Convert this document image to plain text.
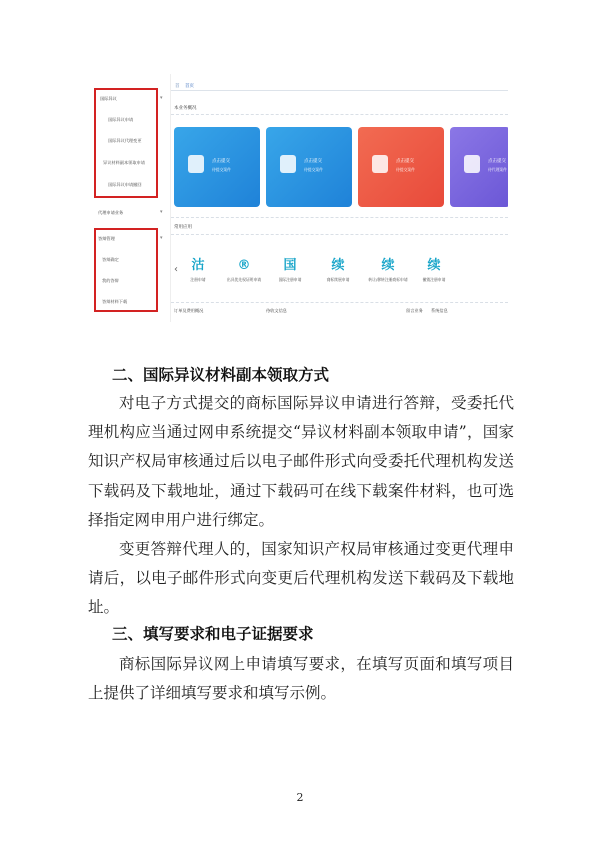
国际异议	▾
国际异议申请
国际异议代理变更
异议材料副本领取申请
国际异议申请撤回
代理申请业务	▾
答辩管理	▾
答辩确定
我的答辩
答辩材料下载
首 首页
本业务概况
点击提交
待提交案件
点击提交
待提交案件
点击提交
待提交案件
点击提交
待代理案件
常用应用
‹	沽
注册申请
®
出具优先权证明申请
国
国际注册申请
续
商标续展申请
续
转让/移转注册商标申请
续
撤销注册申请
订单及费用概况	待收文信息	留言业务 系统信息
二、国际异议材料副本领取方式

对电子方式提交的商标国际异议申请进行答辩，受委托代理机构应当通过网申系统提交“异议材料副本领取申请”，国家知识产权局审核通过后以电子邮件形式向受委托代理机构发送下载码及下载地址，通过下载码可在线下载案件材料，也可选择指定网申用户进行绑定。

变更答辩代理人的，国家知识产权局审核通过变更代理申请后，以电子邮件形式向变更后代理机构发送下载码及下载地址。

三、填写要求和电子证据要求

商标国际异议网上申请填写要求，在填写页面和填写项目上提供了详细填写要求和填写示例。

2
